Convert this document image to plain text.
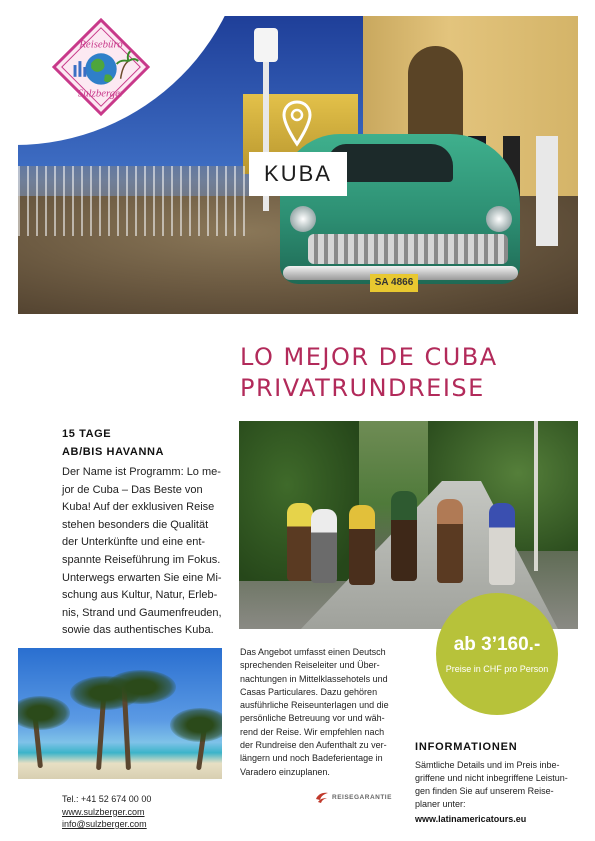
SA 4866
Reisebüro
Sulzberger
KUBA
LO MEJOR DE CUBA
PRIVATRUNDREISE
15 TAGE
AB/BIS HAVANNA
Der Name ist Programm: Lo me-
jor de Cuba – Das Beste von
Kuba! Auf der exklusiven Reise
stehen besonders die Qualität
der Unterkünfte und eine ent-
spannte Reiseführung im Fokus.
Unterwegs erwarten Sie eine Mi-
schung aus Kultur, Natur, Erleb-
nis, Strand und Gaumenfreuden,
sowie das authentisches Kuba.
ab 3’160.-
Preise in CHF pro Person
Das Angebot umfasst einen Deutsch
sprechenden Reiseleiter und Über-
nachtungen in Mittelklassehotels und
Casas Particulares. Dazu gehören
ausführliche Reiseunterlagen und die
persönliche Betreuung vor und wäh-
rend der Reise. Wir empfehlen nach
der Rundreise den Aufenthalt zu ver-
längern und noch Badeferientage in
Varadero einzuplanen.
REISEGARANTIE
INFORMATIONEN
Sämtliche Details und im Preis inbe-
griffene und nicht inbegriffene Leistun-
gen finden Sie auf unserem Reise-
planer unter:
www.latinamericatours.eu
Tel.: +41 52 674 00 00
www.sulzberger.com
info@sulzberger.com
